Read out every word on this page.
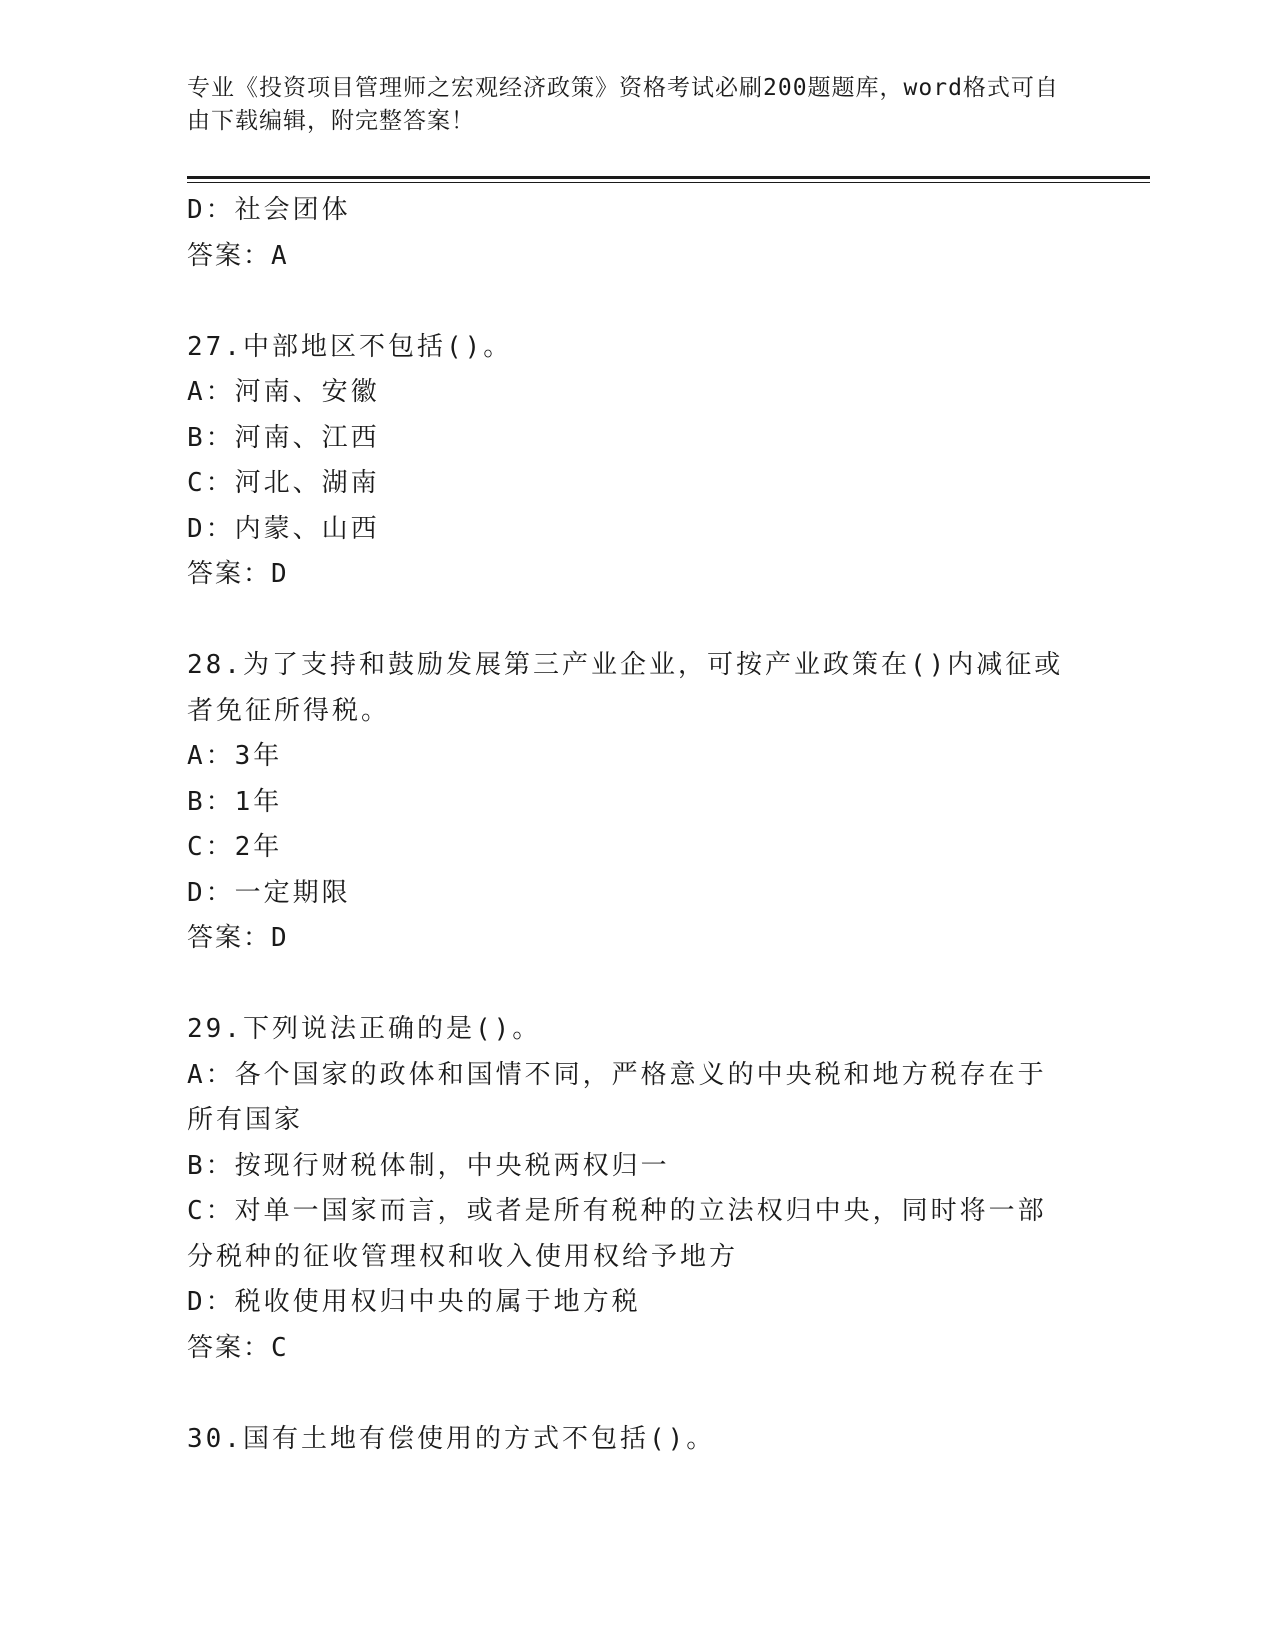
专业《投资项目管理师之宏观经济政策》资格考试必刷200题题库，word格式可自由下载编辑，附完整答案！
D：社会团体
答案：A
27.中部地区不包括()。
A：河南、安徽
B：河南、江西
C：河北、湖南
D：内蒙、山西
答案：D
28.为了支持和鼓励发展第三产业企业，可按产业政策在()内减征或者免征所得税。
A：3年
B：1年
C：2年
D：一定期限
答案：D
29.下列说法正确的是()。
A：各个国家的政体和国情不同，严格意义的中央税和地方税存在于所有国家
B：按现行财税体制，中央税两权归一
C：对单一国家而言，或者是所有税种的立法权归中央，同时将一部分税种的征收管理权和收入使用权给予地方
D：税收使用权归中央的属于地方税
答案：C
30.国有土地有偿使用的方式不包括()。
